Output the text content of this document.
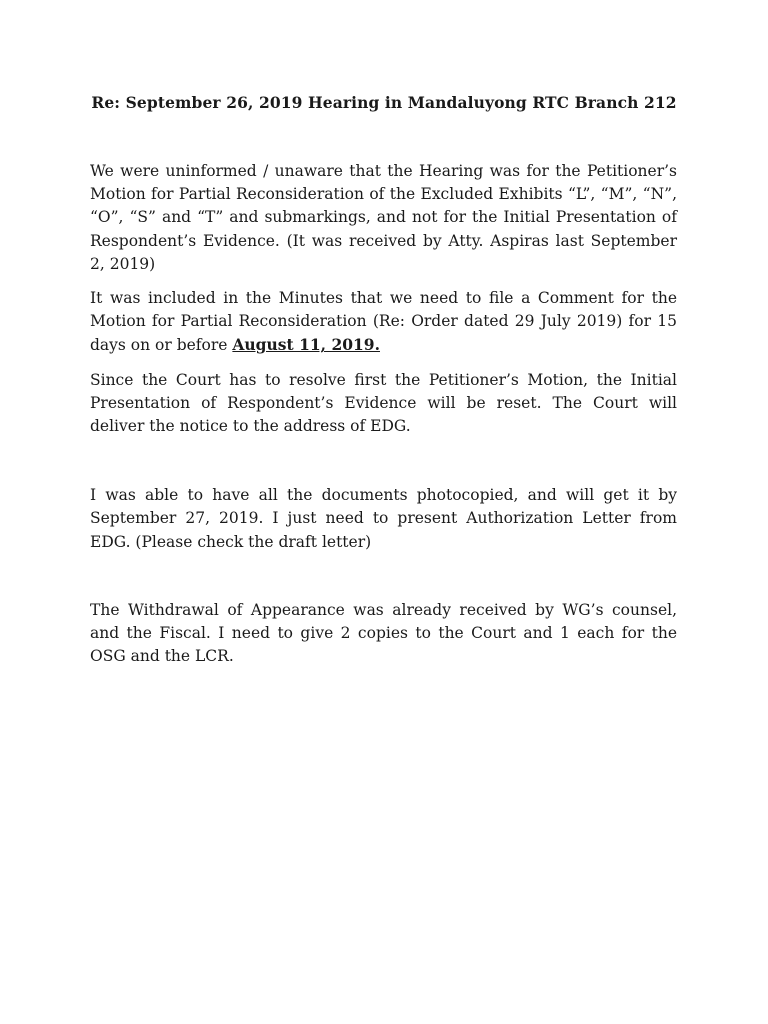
Re: September 26, 2019 Hearing in Mandaluyong RTC Branch 212

We were uninformed / unaware that the Hearing was for the Petitioner’s Motion for Partial Reconsideration of the Excluded Exhibits “L”, “M”, “N”, “O”, “S” and “T” and submarkings, and not for the Initial Presentation of Respondent’s Evidence. (It was received by Atty. Aspiras last September 2, 2019)

It was included in the Minutes that we need to file a Comment for the Motion for Partial Reconsideration (Re: Order dated 29 July 2019) for 15 days on or before August 11, 2019.

Since the Court has to resolve first the Petitioner’s Motion, the Initial Presentation of Respondent’s Evidence will be reset. The Court will deliver the notice to the address of EDG.

I was able to have all the documents photocopied, and will get it by September 27, 2019. I just need to present Authorization Letter from EDG. (Please check the draft letter)

The Withdrawal of Appearance was already received by WG’s counsel, and the Fiscal. I need to give 2 copies to the Court and 1 each for the OSG and the LCR.
